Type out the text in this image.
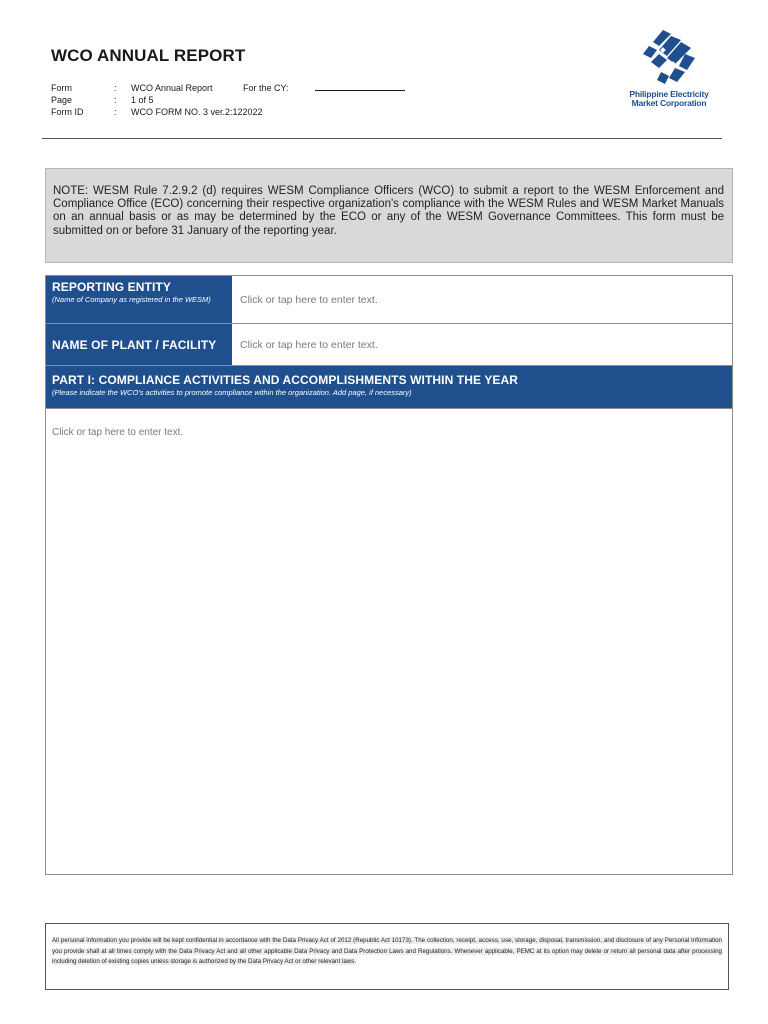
WCO ANNUAL REPORT
Form	:	WCO Annual Report	For the CY:
Page	:	1 of 5
Form ID	:	WCO FORM NO. 3 ver.2:122022
Philippine Electricity
Market Corporation
NOTE: WESM Rule 7.2.9.2 (d) requires WESM Compliance Officers (WCO) to submit a report to the WESM Enforcement and Compliance Office (ECO) concerning their respective organization's compliance with the WESM Rules and WESM Market Manuals on an annual basis or as may be determined by the ECO or any of the WESM Governance Committees. This form must be submitted on or before 31 January of the reporting year.
REPORTING ENTITY
(Name of Company as registered in the WESM)	Click or tap here to enter text.
NAME OF PLANT / FACILITY	Click or tap here to enter text.
PART I: COMPLIANCE ACTIVITIES AND ACCOMPLISHMENTS WITHIN THE YEAR
(Please indicate the WCO's activities to promote compliance within the organization. Add page, if necessary)
Click or tap here to enter text.
All personal information you provide will be kept confidential in accordance with the Data Privacy Act of 2012 (Republic Act 10173). The collection, receipt, access, use, storage, disposal, transmission, and disclosure of any Personal Information you provide shall at all times comply with the Data Privacy Act and all other applicable Data Privacy and Data Protection Laws and Regulations. Whenever applicable, PEMC at its option may delete or return all personal data after processing including deletion of existing copies unless storage is authorized by the Data Privacy Act or other relevant laws.
